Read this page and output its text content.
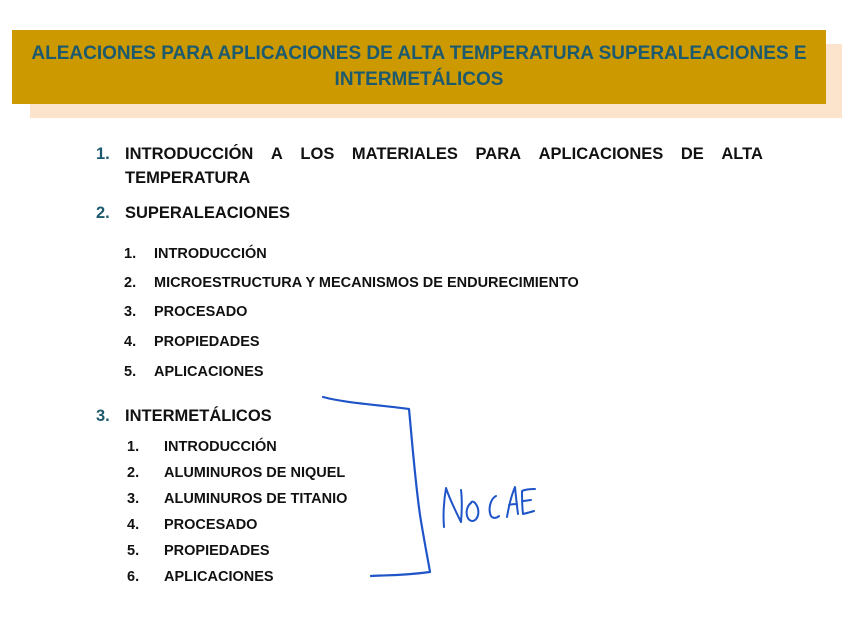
ALEACIONES PARA APLICACIONES DE ALTA TEMPERATURA SUPERALEACIONES E
INTERMETÁLICOS
1. INTRODUCCIÓN A LOS MATERIALES PARA APLICACIONES DE ALTA
TEMPERATURA
2. SUPERALEACIONES
1. INTRODUCCIÓN
2. MICROESTRUCTURA Y MECANISMOS DE ENDURECIMIENTO
3. PROCESADO
4. PROPIEDADES
5. APLICACIONES
3. INTERMETÁLICOS
1. INTRODUCCIÓN
2. ALUMINUROS DE NIQUEL
3. ALUMINUROS DE TITANIO
4. PROCESADO
5. PROPIEDADES
6. APLICACIONES
